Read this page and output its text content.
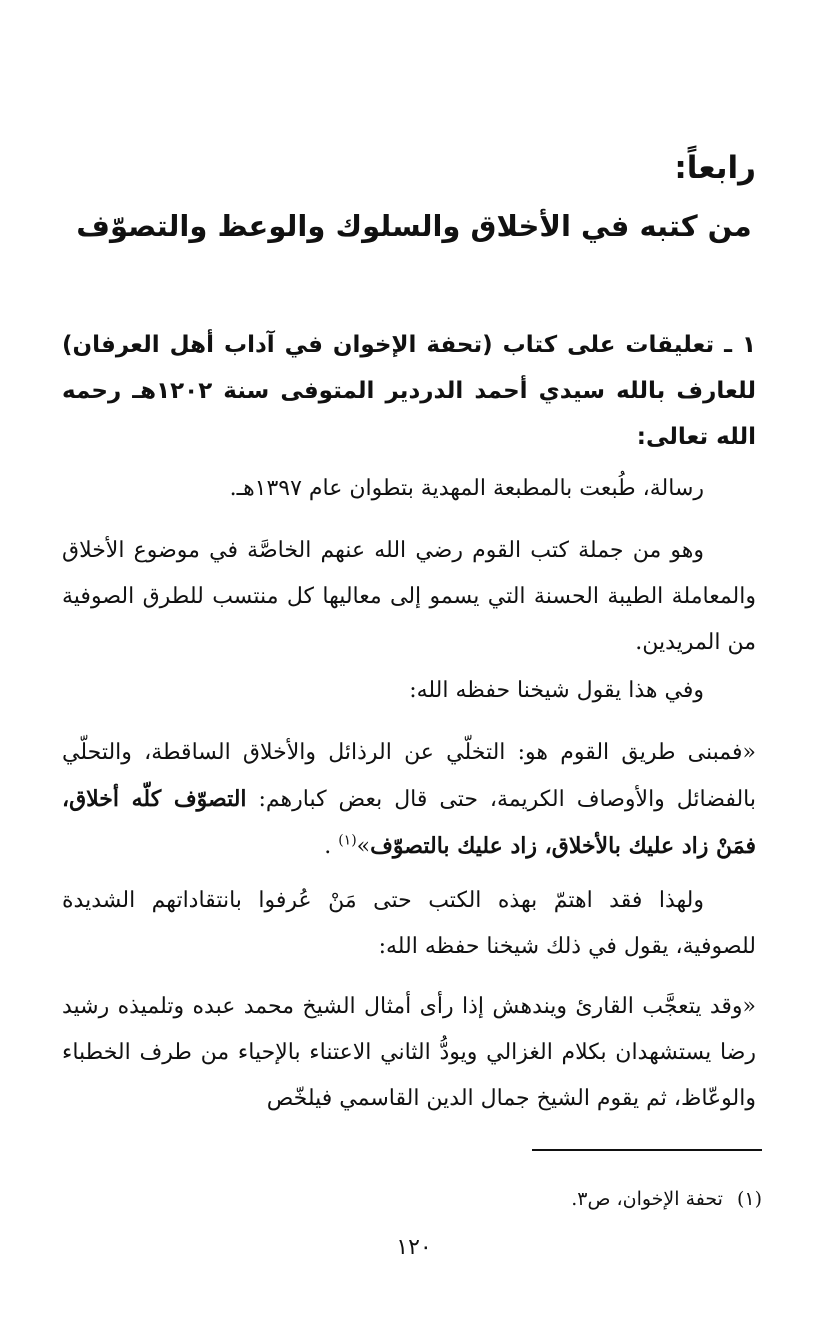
رابعاً:
من كتبه في الأخلاق والسلوك والوعظ والتصوّف

١ ـ تعليقات على كتاب (تحفة الإخوان في آداب أهل العرفان) للعارف بالله سيدي أحمد الدردير المتوفى سنة ١٢٠٢هـ رحمه الله تعالى:

رسالة، طُبعت بالمطبعة المهدية بتطوان عام ١٣٩٧هـ.

وهو من جملة كتب القوم رضي الله عنهم الخاصَّة في موضوع الأخلاق والمعاملة الطيبة الحسنة التي يسمو إلى معاليها كل منتسب للطرق الصوفية من المريدين.

وفي هذا يقول شيخنا حفظه الله:

«فمبنى طريق القوم هو: التخلّي عن الرذائل والأخلاق الساقطة، والتحلّي بالفضائل والأوصاف الكريمة، حتى قال بعض كبارهم: التصوّف كلّه أخلاق، فمَنْ زاد عليك بالأخلاق، زاد عليك بالتصوّف»$^{(١)}$ .

ولهذا فقد اهتمّ بهذه الكتب حتى مَنْ عُرفوا بانتقاداتهم الشديدة للصوفية، يقول في ذلك شيخنا حفظه الله:

«وقد يتعجَّب القارئ ويندهش إذا رأى أمثال الشيخ محمد عبده وتلميذه رشيد رضا يستشهدان بكلام الغزالي ويودُّ الثاني الاعتناء بالإحياء من طرف الخطباء والوعّاظ، ثم يقوم الشيخ جمال الدين القاسمي فيلخّص

(١)تحفة الإخوان، ص٣.

١٢٠
